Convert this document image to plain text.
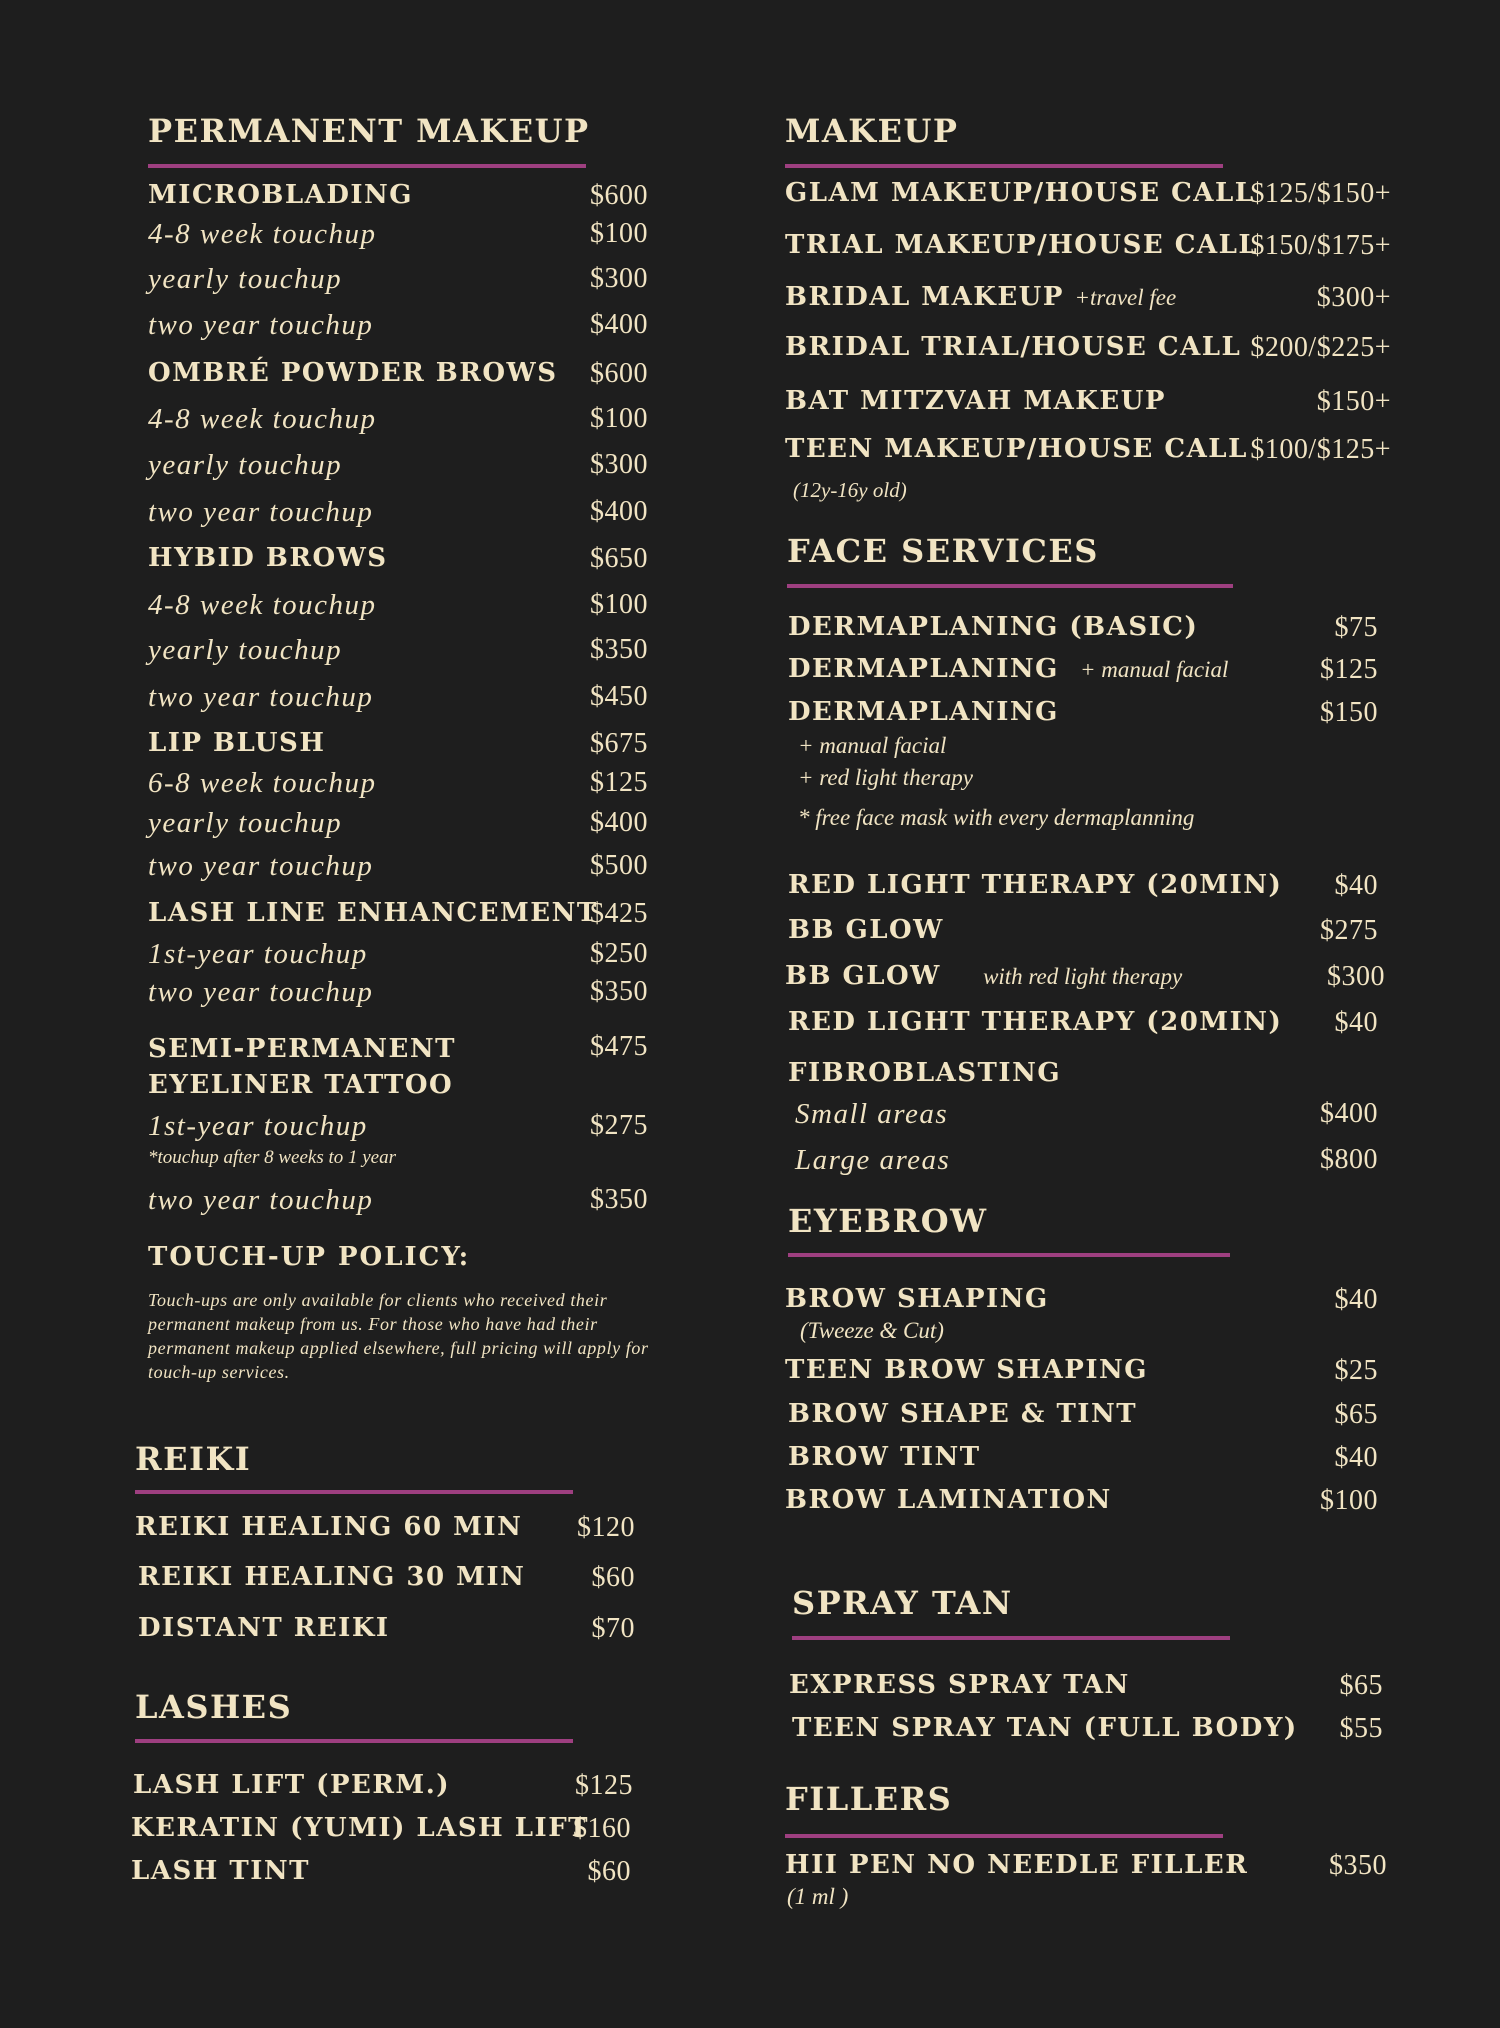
PERMANENT MAKEUP
MICROBLADING	$600
4-8 week touchup	$100
yearly touchup	$300
two year touchup	$400
OMBRÉ POWDER BROWS $600
4-8 week touchup	$100
yearly touchup	$300
two year touchup	$400
HYBID BROWS	$650
4-8 week touchup	$100
yearly touchup	$350
two year touchup	$450
LIP BLUSH	$675
6-8 week touchup	$125
yearly touchup	$400
two year touchup	$500
LASH LINE ENHANCEMENT
$425
1st-year touchup	$250
two year touchup	$350
SEMI-PERMANENT EYELINER TATTOO
$475
1st-year touchup	$275
*touchup after 8 weeks to 1 year
two year touchup	$350
TOUCH-UP POLICY:
Touch-ups are only available for clients who received their permanent makeup from us. For those who have had their permanent makeup applied elsewhere, full pricing will apply for touch-up services.
REIKI
REIKI HEALING 60 MIN $120
REIKI HEALING 30 MIN $60
DISTANT REIKI	$70
LASHES
LASH LIFT (PERM.)	$125
KERATIN (YUMI) LASH LIFT
$160
LASH TINT	$60
MAKEUP
GLAM MAKEUP/HOUSE CALL
$125/$150+
TRIAL MAKEUP/HOUSE CALL
$150/$175+
BRIDAL MAKEUP +travel fee	$300+
BRIDAL TRIAL/HOUSE CALL $200/$225+
BAT MITZVAH MAKEUP	$150+
TEEN MAKEUP/HOUSE CALL $100/$125+
(12y-16y old)
FACE SERVICES
DERMAPLANING (BASIC)	$75
DERMAPLANING + manual facial	$125
DERMAPLANING	$150
+ manual facial
+ red light therapy
* free face mask with every dermaplanning
RED LIGHT THERAPY (20MIN) $40
BB GLOW	$275
BB GLOW with red light therapy	$300
RED LIGHT THERAPY (20MIN) $40
FIBROBLASTING
Small areas	$400
Large areas	$800
EYEBROW
BROW SHAPING	$40
(Tweeze & Cut)
TEEN BROW SHAPING	$25
BROW SHAPE & TINT	$65
BROW TINT	$40
BROW LAMINATION	$100
SPRAY TAN
EXPRESS SPRAY TAN	$65
TEEN SPRAY TAN (FULL BODY) $55
FILLERS
HII PEN NO NEEDLE FILLER	$350
(1 ml )
